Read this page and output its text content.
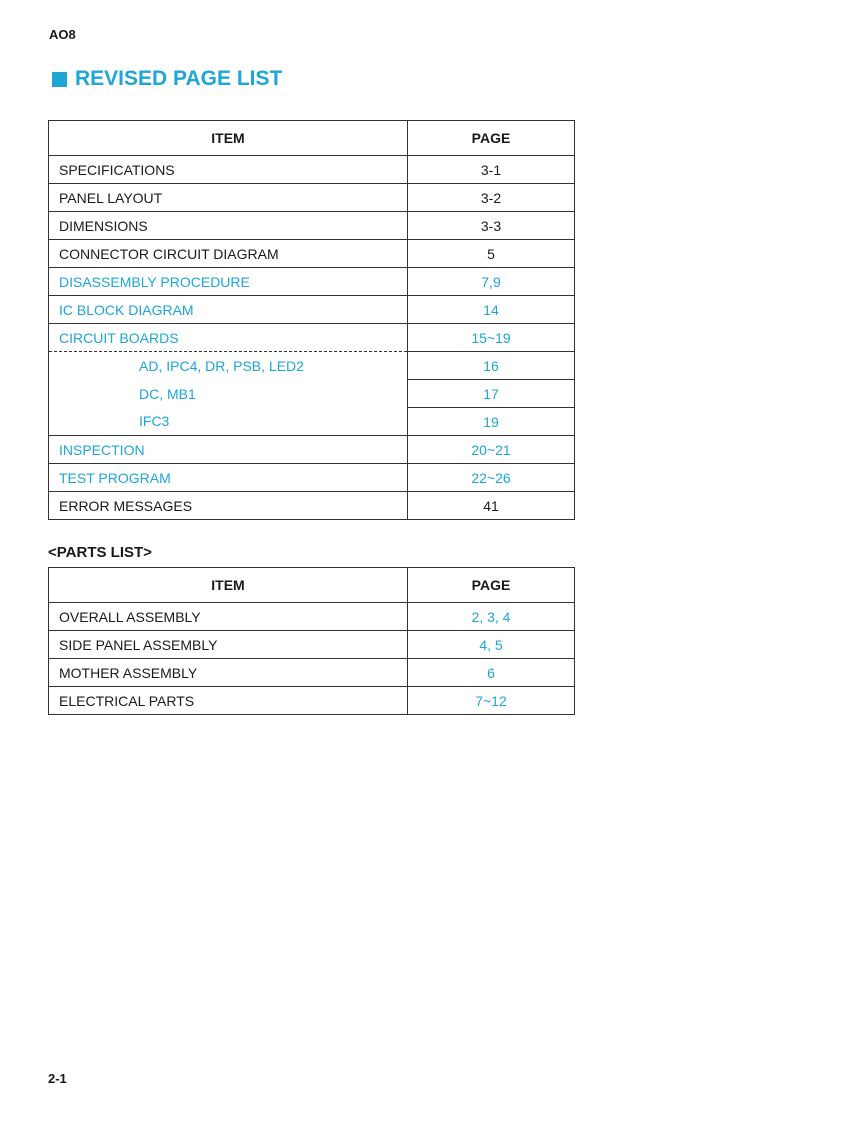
AO8
REVISED PAGE LIST
ITEM	PAGE
SPECIFICATIONS	3-1
PANEL LAYOUT	3-2
DIMENSIONS	3-3
CONNECTOR CIRCUIT DIAGRAM	5
DISASSEMBLY PROCEDURE	7,9
IC BLOCK DIAGRAM	14
CIRCUIT BOARDS	15~19
AD, IPC4, DR, PSB, LED2	16
DC, MB1	17
IFC3	19
INSPECTION	20~21
TEST PROGRAM	22~26
ERROR MESSAGES	41
<PARTS LIST>
ITEM	PAGE
OVERALL ASSEMBLY	2, 3, 4
SIDE PANEL ASSEMBLY	4, 5
MOTHER ASSEMBLY	6
ELECTRICAL PARTS	7~12
2-1
